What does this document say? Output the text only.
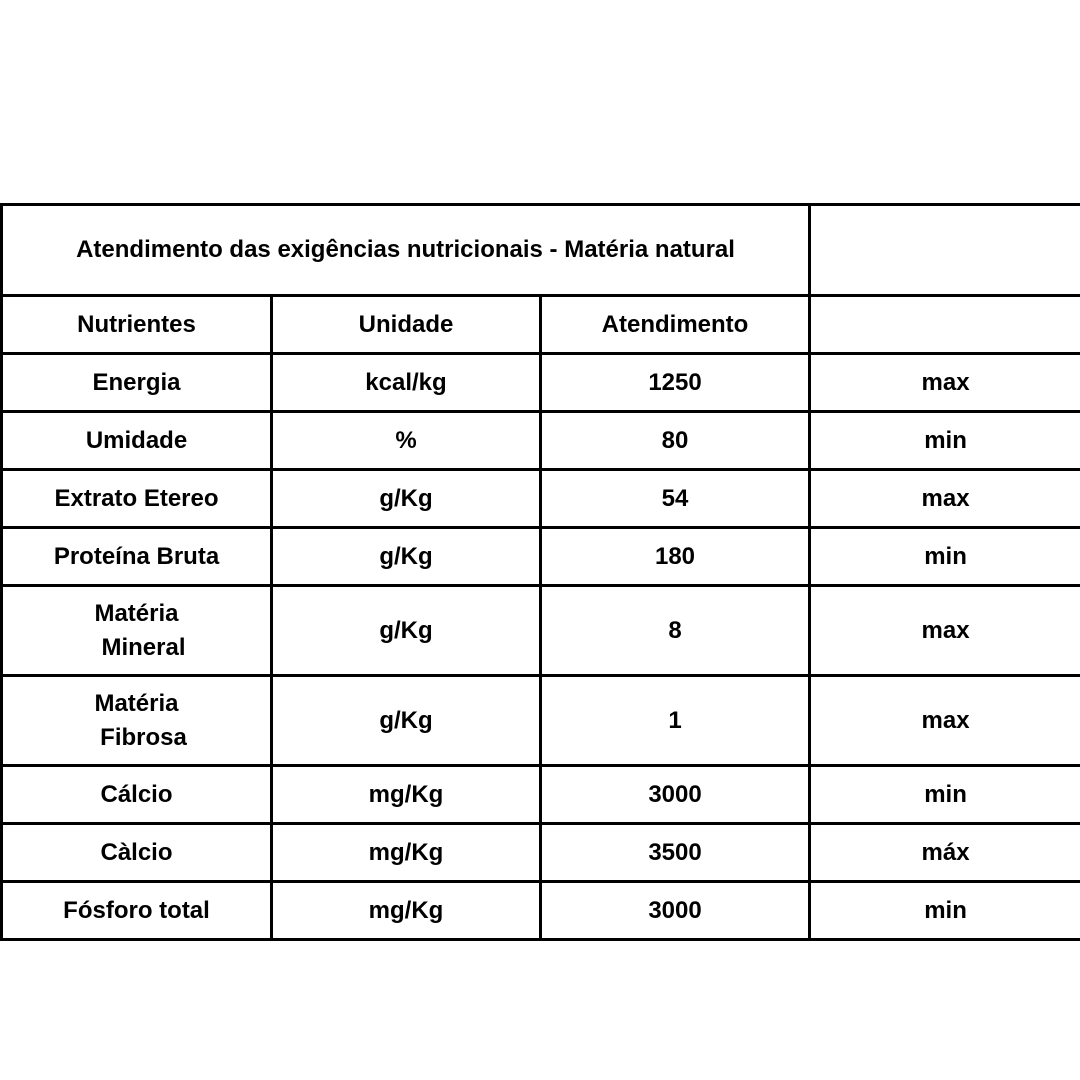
Atendimento das exigências nutricionais - Matéria natural			
Nutrientes	Unidade	Atendimento	
Energia	kcal/kg	1250	max
Umidade	%	80	min
Extrato Etereo	g/Kg	54	max
Proteína Bruta	g/Kg	180	min

Matéria
Mineral	g/Kg	8	max

Matéria
Fibrosa	g/Kg	1	max
Cálcio	mg/Kg	3000	min
Càlcio	mg/Kg	3500	máx
Fósforo total	mg/Kg	3000	min
